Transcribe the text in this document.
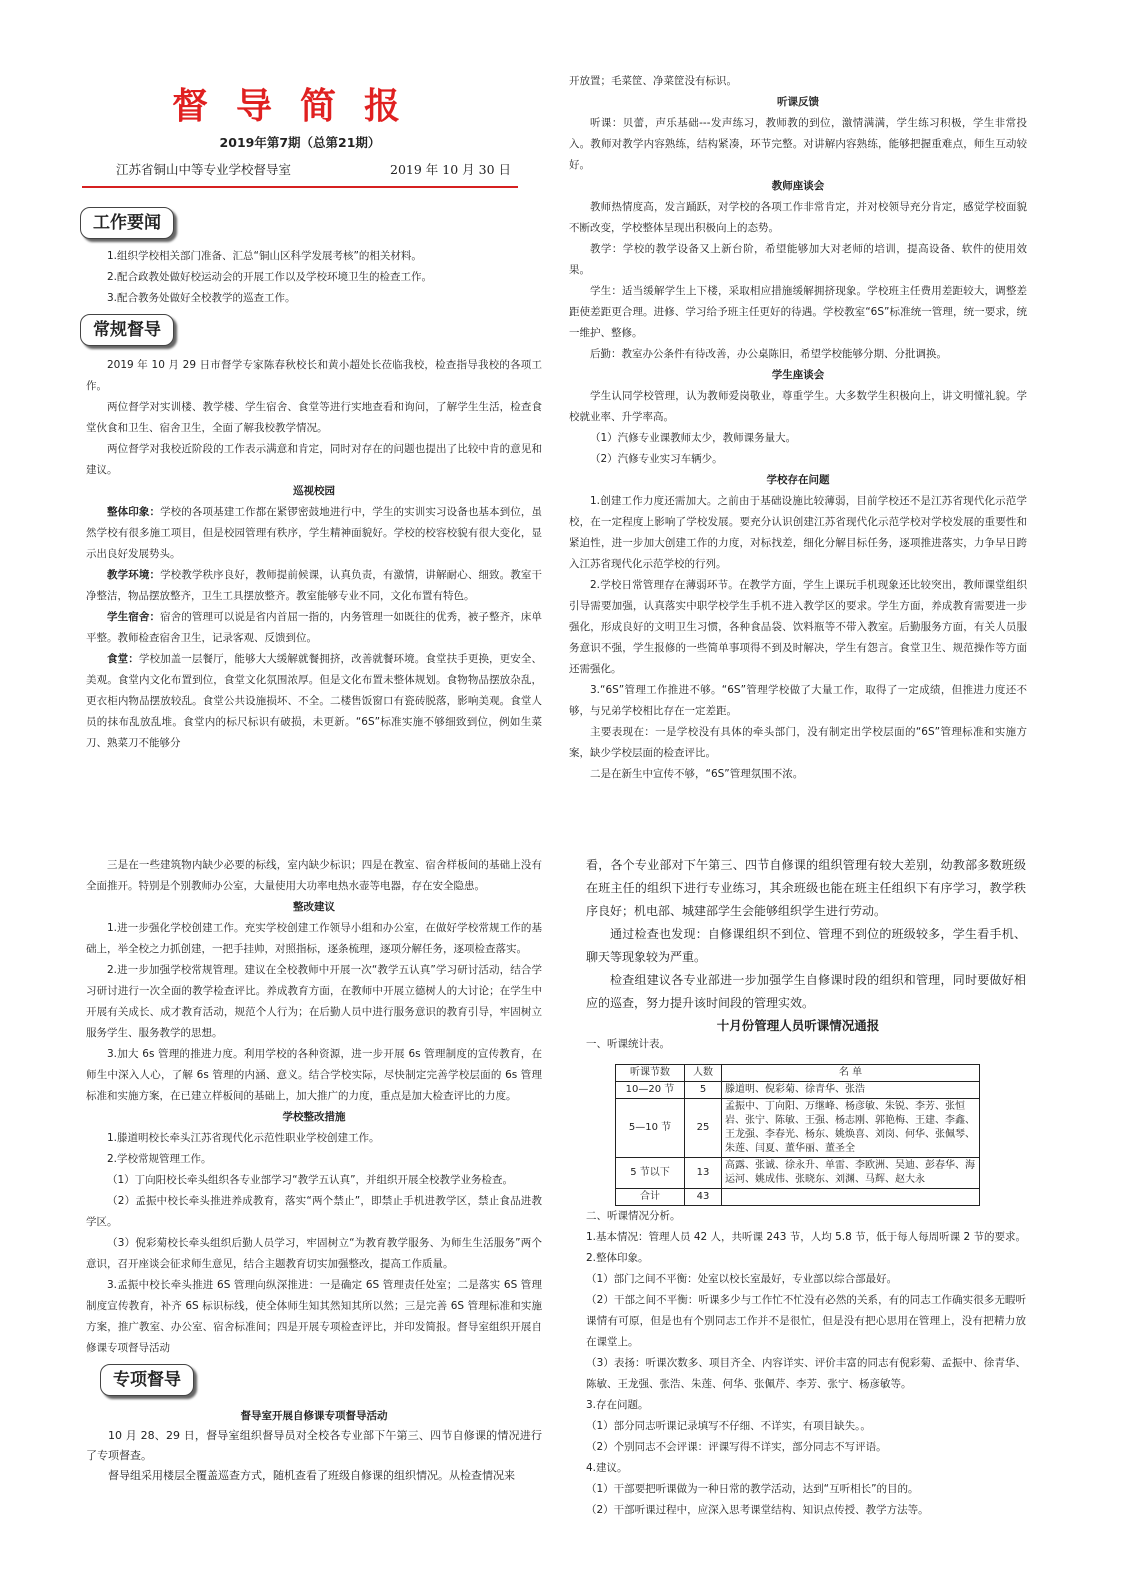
督导简报
2019年第7期（总第21期）
江苏省铜山中等专业学校督导室	2019 年 10 月 30 日
工作要闻

1.组织学校相关部门准备、汇总“铜山区科学发展考核”的相关材料。

2.配合政教处做好校运动会的开展工作以及学校环境卫生的检查工作。

3.配合教务处做好全校教学的巡查工作。

常规督导

2019 年 10 月 29 日市督学专家陈春秋校长和黄小超处长莅临我校，检查指导我校的各项工作。

两位督学对实训楼、教学楼、学生宿舍、食堂等进行实地查看和询问，了解学生生活，检查食堂伙食和卫生、宿舍卫生，全面了解我校教学情况。

两位督学对我校近阶段的工作表示满意和肯定，同时对存在的问题也提出了比较中肯的意见和建议。

巡视校园

整体印象：学校的各项基建工作都在紧锣密鼓地进行中，学生的实训实习设备也基本到位，虽然学校有很多施工项目，但是校园管理有秩序，学生精神面貌好。学校的校容校貌有很大变化，显示出良好发展势头。

教学环境：学校教学秩序良好，教师提前候课，认真负责，有激情，讲解耐心、细致。教室干净整洁，物品摆放整齐，卫生工具摆放整齐。教室能够专业不同，文化布置有特色。

学生宿舍：宿舍的管理可以说是省内首屈一指的，内务管理一如既往的优秀，被子整齐，床单平整。教师检查宿舍卫生，记录客观、反馈到位。

食堂：学校加盖一层餐厅，能够大大缓解就餐拥挤，改善就餐环境。食堂扶手更换，更安全、美观。食堂内文化布置到位，食堂文化氛围浓厚。但是文化布置未整体规划。食物物品摆放杂乱，更衣柜内物品摆放较乱。食堂公共设施损坏、不全。二楼售饭窗口有瓷砖脱落，影响美观。食堂人员的抹布乱放乱堆。食堂内的标尺标识有破损，未更新。“6S”标准实施不够细致到位，例如生菜刀、熟菜刀不能够分

开放置；毛菜筐、净菜筐没有标识。

听课反馈

听课：贝蕾，声乐基础---发声练习，教师教的到位，激情满满，学生练习积极，学生非常投入。教师对教学内容熟练，结构紧凑，环节完整。对讲解内容熟练，能够把握重难点，师生互动较好。

教师座谈会

教师热情度高，发言踊跃，对学校的各项工作非常肯定，并对校领导充分肯定，感觉学校面貌不断改变，学校整体呈现出积极向上的态势。

教学：学校的教学设备又上新台阶，希望能够加大对老师的培训，提高设备、软件的使用效果。

学生：适当缓解学生上下楼，采取相应措施缓解拥挤现象。学校班主任费用差距较大，调整差距使差距更合理。进修、学习给予班主任更好的待遇。学校教室“6S”标准统一管理，统一要求，统一维护、整修。

后勤：教室办公条件有待改善，办公桌陈旧，希望学校能够分期、分批调换。

学生座谈会

学生认同学校管理，认为教师爱岗敬业，尊重学生。大多数学生积极向上，讲文明懂礼貌。学校就业率、升学率高。

（1）汽修专业课教师太少，教师课务量大。

（2）汽修专业实习车辆少。

学校存在问题

1.创建工作力度还需加大。之前由于基础设施比较薄弱，目前学校还不是江苏省现代化示范学校，在一定程度上影响了学校发展。要充分认识创建江苏省现代化示范学校对学校发展的重要性和紧迫性，进一步加大创建工作的力度，对标找差，细化分解目标任务，逐项推进落实，力争早日跨入江苏省现代化示范学校的行列。

2.学校日常管理存在薄弱环节。在教学方面，学生上课玩手机现象还比较突出，教师课堂组织引导需要加强，认真落实中职学校学生手机不进入教学区的要求。学生方面，养成教育需要进一步强化，形成良好的文明卫生习惯，各种食品袋、饮料瓶等不带入教室。后勤服务方面，有关人员服务意识不强，学生报修的一些简单事项得不到及时解决，学生有怨言。食堂卫生、规范操作等方面还需强化。

3.“6S”管理工作推进不够。“6S”管理学校做了大量工作，取得了一定成绩，但推进力度还不够，与兄弟学校相比存在一定差距。

主要表现在：一是学校没有具体的牵头部门，没有制定出学校层面的“6S”管理标准和实施方案，缺少学校层面的检查评比。

二是在新生中宣传不够，“6S”管理氛围不浓。

三是在一些建筑物内缺少必要的标线，室内缺少标识；四是在教室、宿舍样板间的基础上没有全面推开。特别是个别教师办公室，大量使用大功率电热水壶等电器，存在安全隐患。

整改建议

1.进一步强化学校创建工作。充实学校创建工作领导小组和办公室，在做好学校常规工作的基础上，举全校之力抓创建，一把手挂帅，对照指标，逐条梳理，逐项分解任务，逐项检查落实。

2.进一步加强学校常规管理。建议在全校教师中开展一次“教学五认真”学习研讨活动，结合学习研讨进行一次全面的教学检查评比。养成教育方面，在教师中开展立德树人的大讨论；在学生中开展有关成长、成才教育活动，规范个人行为；在后勤人员中进行服务意识的教育引导，牢固树立服务学生、服务教学的思想。

3.加大 6s 管理的推进力度。利用学校的各种资源，进一步开展 6s 管理制度的宣传教育，在师生中深入人心，了解 6s 管理的内涵、意义。结合学校实际，尽快制定完善学校层面的 6s 管理标准和实施方案，在已建立样板间的基础上，加大推广的力度，重点是加大检查评比的力度。

学校整改措施

1.滕道明校长牵头江苏省现代化示范性职业学校创建工作。

2.学校常规管理工作。

（1）丁向阳校长牵头组织各专业部学习“教学五认真”，并组织开展全校教学业务检查。

（2）孟振中校长牵头推进养成教育，落实“两个禁止”，即禁止手机进教学区，禁止食品进教学区。

（3）倪彩菊校长牵头组织后勤人员学习，牢固树立“为教育教学服务、为师生生活服务”两个意识，召开座谈会征求师生意见，结合主题教育切实加强整改，提高工作质量。

3.孟振中校长牵头推进 6S 管理向纵深推进：一是确定 6S 管理责任处室；二是落实 6S 管理制度宣传教育，补齐 6S 标识标线，使全体师生知其然知其所以然；三是完善 6S 管理标准和实施方案，推广教室、办公室、宿舍标准间；四是开展专项检查评比，并印发简报。督导室组织开展自修课专项督导活动

专项督导

督导室开展自修课专项督导活动

10 月 28、29 日，督导室组织督导员对全校各专业部下午第三、四节自修课的情况进行了专项督查。

督导组采用楼层全覆盖巡查方式，随机查看了班级自修课的组织情况。从检查情况来

看，各个专业部对下午第三、四节自修课的组织管理有较大差别，幼教部多数班级在班主任的组织下进行专业练习，其余班级也能在班主任组织下有序学习，教学秩序良好；机电部、城建部学生会能够组织学生进行劳动。

通过检查也发现：自修课组织不到位、管理不到位的班级较多，学生看手机、聊天等现象较为严重。

检查组建议各专业部进一步加强学生自修课时段的组织和管理，同时要做好相应的巡查，努力提升该时间段的管理实效。

十月份管理人员听课情况通报

一、听课统计表。

听课节数	人数	名 单
10—20 节	5	滕道明、倪彩菊、徐青华、张浩
5—10 节	25	孟振中、丁向阳、万继峰、杨彦敏、朱锐、李芳、张恒岩、张宁、陈敏、王强、杨志刚、郭艳梅、王建、李鑫、王龙强、李春光、杨东、姚焕喜、刘岗、何华、张佩琴、朱莲、闫夏、董华丽、董圣全
5 节以下	13	高露、张诚、徐永升、单雷、李欧洲、吴迪、彭春华、海运河、姚成伟、张晓东、刘渊、马辉、赵大永
合计	43	

二、听课情况分析。

1.基本情况：管理人员 42 人，共听课 243 节，人均 5.8 节，低于每人每周听课 2 节的要求。

2.整体印象。

（1）部门之间不平衡：处室以校长室最好，专业部以综合部最好。

（2）干部之间不平衡：听课多少与工作忙不忙没有必然的关系，有的同志工作确实很多无暇听课情有可原，但是也有个别同志工作并不是很忙，但是没有把心思用在管理上，没有把精力放在课堂上。

（3）表扬：听课次数多、项目齐全、内容详实、评价丰富的同志有倪彩菊、孟振中、徐青华、陈敏、王龙强、张浩、朱莲、何华、张佩芹、李芳、张宁、杨彦敏等。

3.存在问题。

（1）部分同志听课记录填写不仔细、不详实，有项目缺失。。

（2）个别同志不会评课：评课写得不详实，部分同志不写评语。

4.建议。

（1）干部要把听课做为一种日常的教学活动，达到“互听相长”的目的。

（2）干部听课过程中，应深入思考课堂结构、知识点传授、教学方法等。
